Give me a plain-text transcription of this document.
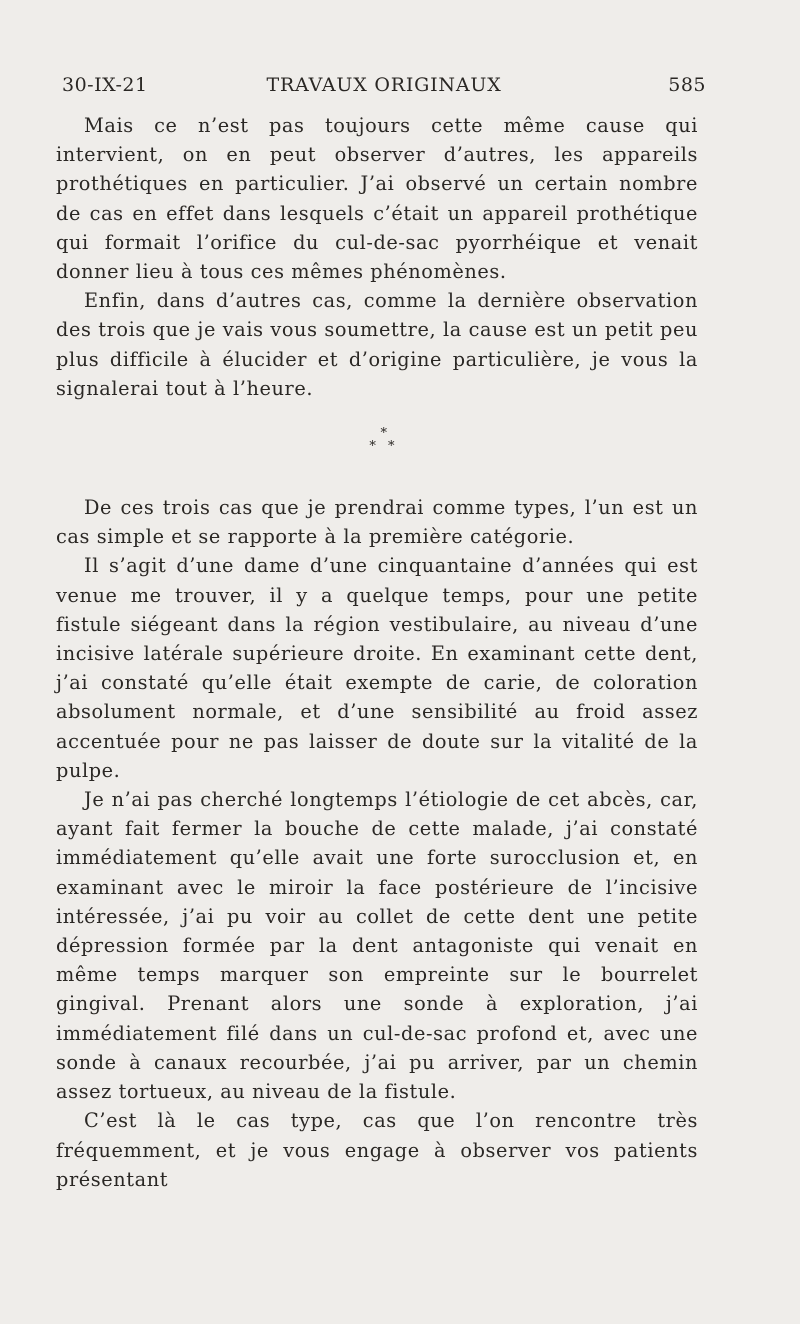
30-IX-21	TRAVAUX ORIGINAUX	585

Mais ce n’est pas toujours cette même cause qui intervient, on en peut observer d’autres, les appareils prothétiques en particulier. J’ai observé un certain nombre de cas en effet dans lesquels c’était un appareil prothétique qui formait l’orifice du cul-de-sac pyorrhéique et venait donner lieu à tous ces mêmes phénomènes.

Enfin, dans d’autres cas, comme la dernière observation des trois que je vais vous soumettre, la cause est un petit peu plus difficile à élucider et d’origine particulière, je vous la signalerai tout à l’heure.

*
* *

De ces trois cas que je prendrai comme types, l’un est un cas simple et se rapporte à la première catégorie.

Il s’agit d’une dame d’une cinquantaine d’années qui est venue me trouver, il y a quelque temps, pour une petite fistule siégeant dans la région vestibulaire, au niveau d’une incisive latérale supérieure droite. En examinant cette dent, j’ai constaté qu’elle était exempte de carie, de coloration absolument normale, et d’une sensibilité au froid assez accentuée pour ne pas laisser de doute sur la vitalité de la pulpe.

Je n’ai pas cherché longtemps l’étiologie de cet abcès, car, ayant fait fermer la bouche de cette malade, j’ai constaté immédiatement qu’elle avait une forte surocclusion et, en examinant avec le miroir la face postérieure de l’incisive intéressée, j’ai pu voir au collet de cette dent une petite dépression formée par la dent antagoniste qui venait en même temps marquer son empreinte sur le bourrelet gingival. Prenant alors une sonde à exploration, j’ai immédiatement filé dans un cul-de-sac profond et, avec une sonde à canaux recourbée, j’ai pu arriver, par un chemin assez tortueux, au niveau de la fistule.

C’est là le cas type, cas que l’on rencontre très fréquemment, et je vous engage à observer vos patients présentant
